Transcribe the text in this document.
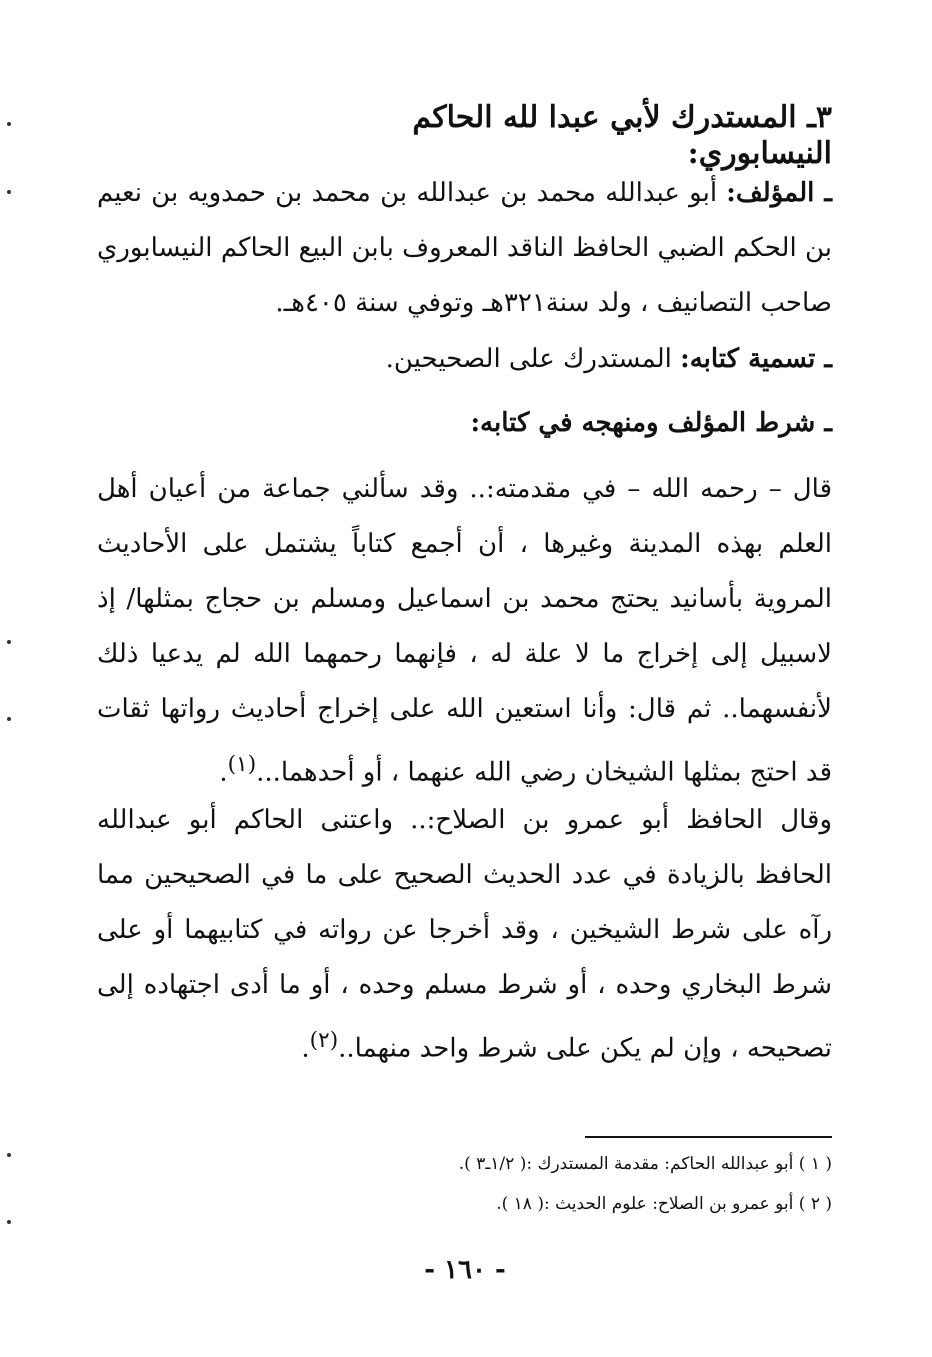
٣ـ المستدرك لأبي عبدا لله الحاكم النيسابوري:
ـ المؤلف: أبو عبدالله محمد بن عبدالله بن محمد بن حمدويه بن نعيم بن الحكم الضبي الحافظ الناقد المعروف بابن البيع الحاكم النيسابوري صاحب التصانيف ، ولد سنة٣٢١هـ وتوفي سنة ٤٠٥هـ.
ـ تسمية كتابه: المستدرك على الصحيحين.
ـ شرط المؤلف ومنهجه في كتابه:
قال – رحمه الله – في مقدمته:.. وقد سألني جماعة من أعيان أهل العلم بهذه المدينة وغيرها ، أن أجمع كتاباً يشتمل على الأحاديث المروية بأسانيد يحتج محمد بن اسماعيل ومسلم بن حجاج بمثلها/ إذ لاسبيل إلى إخراج ما لا علة له ، فإنهما رحمهما الله لم يدعيا ذلك لأنفسهما.. ثم قال: وأنا استعين الله على إخراج أحاديث رواتها ثقات قد احتج بمثلها الشيخان رضي الله عنهما ، أو أحدهما...$^{(١)}$.
وقال الحافظ أبو عمرو بن الصلاح:.. واعتنى الحاكم أبو عبدالله الحافظ بالزيادة في عدد الحديث الصحيح على ما في الصحيحين مما رآه على شرط الشيخين ، وقد أخرجا عن رواته في كتابيهما أو على شرط البخاري وحده ، أو شرط مسلم وحده ، أو ما أدى اجتهاده إلى تصحيحه ، وإن لم يكن على شرط واحد منهما..$^{(٢)}$.
( ١ ) أبو عبدالله الحاكم: مقدمة المستدرك :( ١/٢ـ٣ ).
( ٢ ) أبو عمرو بن الصلاح: علوم الحديث :( ١٨ ).
- ١٦٠ -
